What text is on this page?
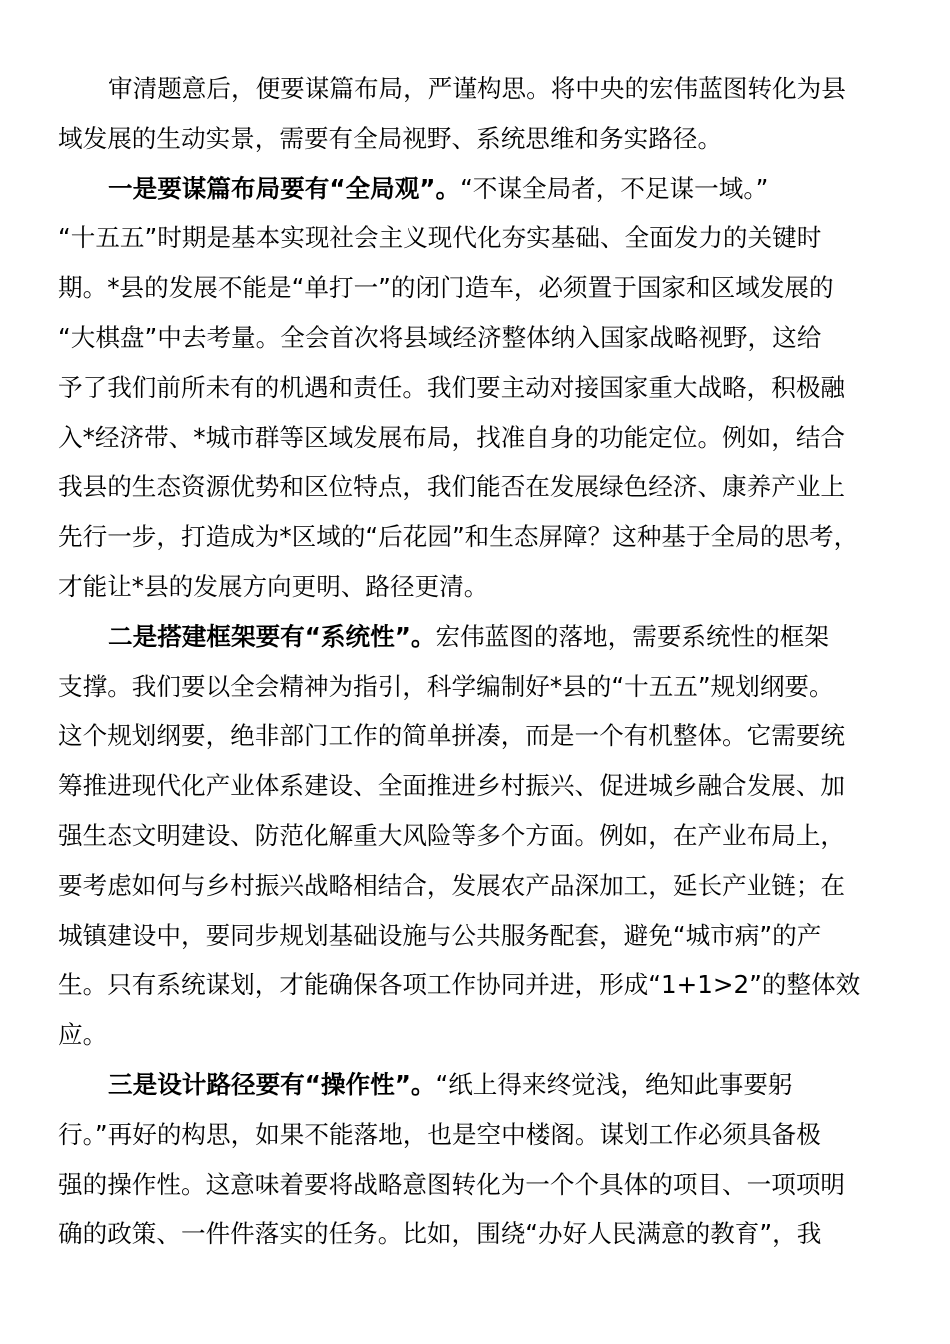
审清题意后，便要谋篇布局，严谨构思。将中央的宏伟蓝图转化为县
域发展的生动实景，需要有全局视野、系统思维和务实路径。
一是要谋篇布局要有“全局观”。“不谋全局者，不足谋一域。”
“十五五”时期是基本实现社会主义现代化夯实基础、全面发力的关键时
期。*县的发展不能是“单打一”的闭门造车，必须置于国家和区域发展的
“大棋盘”中去考量。全会首次将县域经济整体纳入国家战略视野，这给
予了我们前所未有的机遇和责任。我们要主动对接国家重大战略，积极融
入*经济带、*城市群等区域发展布局，找准自身的功能定位。例如，结合
我县的生态资源优势和区位特点，我们能否在发展绿色经济、康养产业上
先行一步，打造成为*区域的“后花园”和生态屏障？这种基于全局的思考，
才能让*县的发展方向更明、路径更清。
二是搭建框架要有“系统性”。宏伟蓝图的落地，需要系统性的框架
支撑。我们要以全会精神为指引，科学编制好*县的“十五五”规划纲要。
这个规划纲要，绝非部门工作的简单拼凑，而是一个有机整体。它需要统
筹推进现代化产业体系建设、全面推进乡村振兴、促进城乡融合发展、加
强生态文明建设、防范化解重大风险等多个方面。例如，在产业布局上，
要考虑如何与乡村振兴战略相结合，发展农产品深加工，延长产业链；在
城镇建设中，要同步规划基础设施与公共服务配套，避免“城市病”的产
生。只有系统谋划，才能确保各项工作协同并进，形成“1+1>2”的整体效
应。
三是设计路径要有“操作性”。“纸上得来终觉浅，绝知此事要躬
行。”再好的构思，如果不能落地，也是空中楼阁。谋划工作必须具备极
强的操作性。这意味着要将战略意图转化为一个个具体的项目、一项项明
确的政策、一件件落实的任务。比如，围绕“办好人民满意的教育”，我
